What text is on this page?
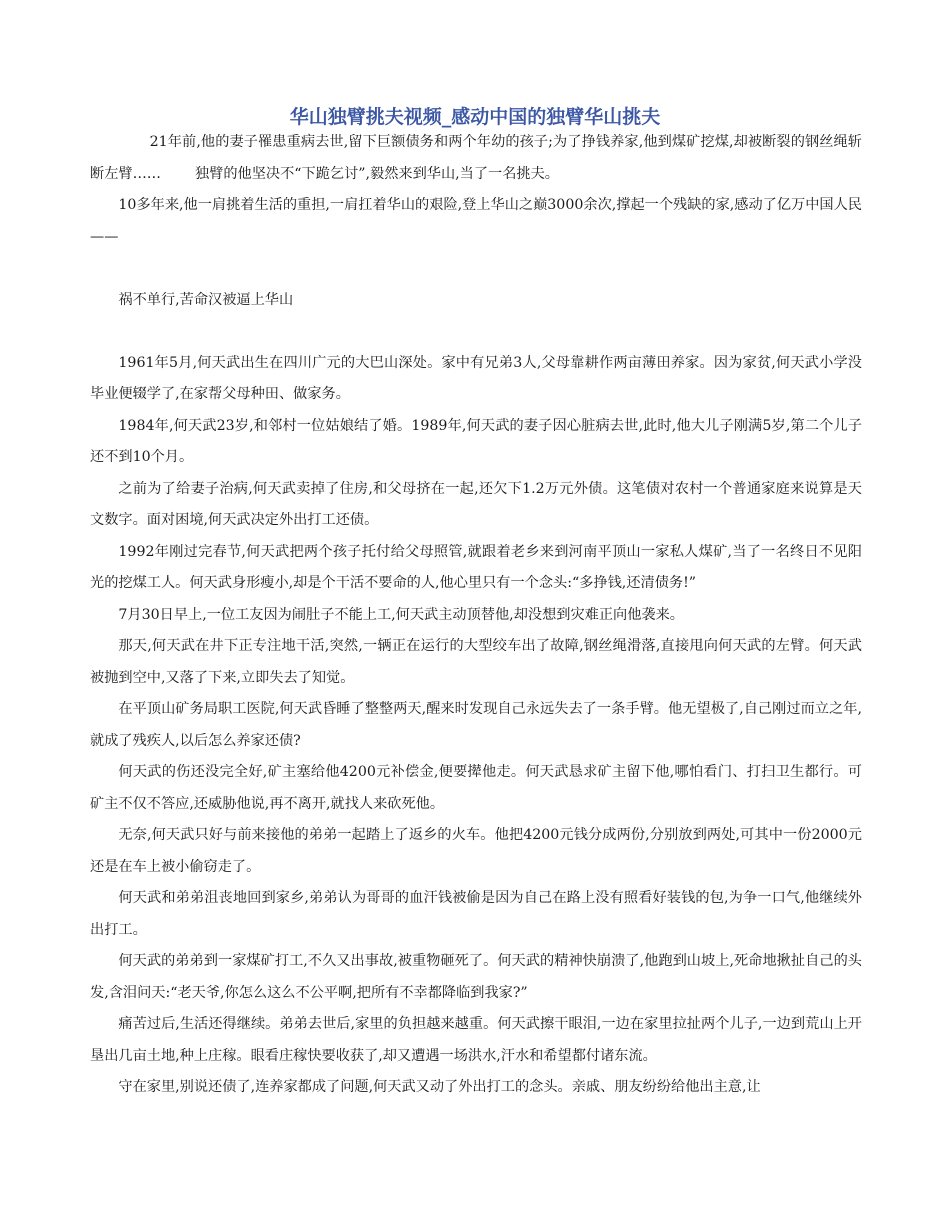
华山独臂挑夫视频_感动中国的独臂华山挑夫

21年前,他的妻子罹患重病去世,留下巨额债务和两个年幼的孩子;为了挣钱养家,他到煤矿挖煤,却被断裂的钢丝绳斩断左臂…… 独臂的他坚决不“下跪乞讨”,毅然来到华山,当了一名挑夫。

10多年来,他一肩挑着生活的重担,一肩扛着华山的艰险,登上华山之巅3000余次,撑起一个残缺的家,感动了亿万中国人民——

祸不单行,苦命汉被逼上华山

1961年5月,何天武出生在四川广元的大巴山深处。家中有兄弟3人,父母靠耕作两亩薄田养家。因为家贫,何天武小学没毕业便辍学了,在家帮父母种田、做家务。

1984年,何天武23岁,和邻村一位姑娘结了婚。1989年,何天武的妻子因心脏病去世,此时,他大儿子刚满5岁,第二个儿子还不到10个月。

之前为了给妻子治病,何天武卖掉了住房,和父母挤在一起,还欠下1.2万元外债。这笔债对农村一个普通家庭来说算是天文数字。面对困境,何天武决定外出打工还债。

1992年刚过完春节,何天武把两个孩子托付给父母照管,就跟着老乡来到河南平顶山一家私人煤矿,当了一名终日不见阳光的挖煤工人。何天武身形瘦小,却是个干活不要命的人,他心里只有一个念头:“多挣钱,还清债务!”

7月30日早上,一位工友因为闹肚子不能上工,何天武主动顶替他,却没想到灾难正向他袭来。

那天,何天武在井下正专注地干活,突然,一辆正在运行的大型绞车出了故障,钢丝绳滑落,直接甩向何天武的左臂。何天武被抛到空中,又落了下来,立即失去了知觉。

在平顶山矿务局职工医院,何天武昏睡了整整两天,醒来时发现自己永远失去了一条手臂。他无望极了,自己刚过而立之年,就成了残疾人,以后怎么养家还债?

何天武的伤还没完全好,矿主塞给他4200元补偿金,便要撵他走。何天武恳求矿主留下他,哪怕看门、打扫卫生都行。可矿主不仅不答应,还威胁他说,再不离开,就找人来砍死他。

无奈,何天武只好与前来接他的弟弟一起踏上了返乡的火车。他把4200元钱分成两份,分别放到两处,可其中一份2000元还是在车上被小偷窃走了。

何天武和弟弟沮丧地回到家乡,弟弟认为哥哥的血汗钱被偷是因为自己在路上没有照看好装钱的包,为争一口气,他继续外出打工。

何天武的弟弟到一家煤矿打工,不久又出事故,被重物砸死了。何天武的精神快崩溃了,他跑到山坡上,死命地揪扯自己的头发,含泪问天:“老天爷,你怎么这么不公平啊,把所有不幸都降临到我家?”

痛苦过后,生活还得继续。弟弟去世后,家里的负担越来越重。何天武擦干眼泪,一边在家里拉扯两个儿子,一边到荒山上开垦出几亩土地,种上庄稼。眼看庄稼快要收获了,却又遭遇一场洪水,汗水和希望都付诸东流。

守在家里,别说还债了,连养家都成了问题,何天武又动了外出打工的念头。亲戚、朋友纷纷给他出主意,让
